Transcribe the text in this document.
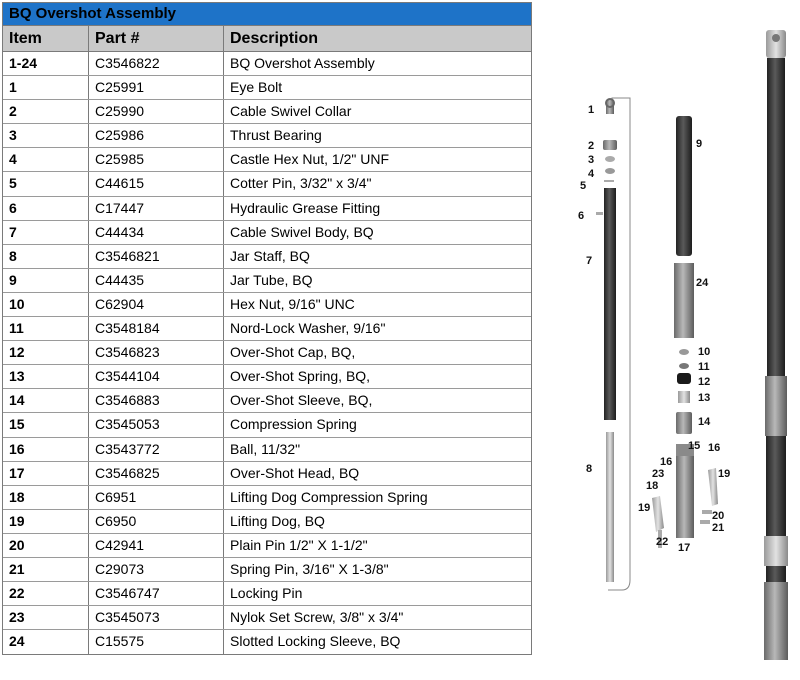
BQ Overshot Assembly
Item	Part #	Description
1-24	C3546822	BQ Overshot Assembly
1	C25991	Eye Bolt
2	C25990	Cable Swivel Collar
3	C25986	Thrust Bearing
4	C25985	Castle Hex Nut, 1/2" UNF
5	C44615	Cotter Pin, 3/32" x 3/4"
6	C17447	Hydraulic Grease Fitting
7	C44434	Cable Swivel Body, BQ
8	C3546821	Jar Staff, BQ
9	C44435	Jar Tube, BQ
10	C62904	Hex Nut, 9/16" UNC
11	C3548184	Nord-Lock Washer, 9/16"
12	C3546823	Over-Shot Cap, BQ,
13	C3544104	Over-Shot Spring, BQ,
14	C3546883	Over-Shot Sleeve, BQ,
15	C3545053	Compression Spring
16	C3543772	Ball, 11/32"
17	C3546825	Over-Shot Head, BQ
18	C6951	Lifting Dog Compression Spring
19	C6950	Lifting Dog, BQ
20	C42941	Plain Pin 1/2" X 1-1/2"
21	C29073	Spring Pin, 3/16" X 1-3/8"
22	C3546747	Locking Pin
23	C3545073	Nylok Set Screw, 3/8" x 3/4"
24	C15575	Slotted Locking Sleeve, BQ
1
2
3
4
5
6
7
8
9
24
10
11
12
13
14
15 16
16
23	19
18
19
20
21
22 17
